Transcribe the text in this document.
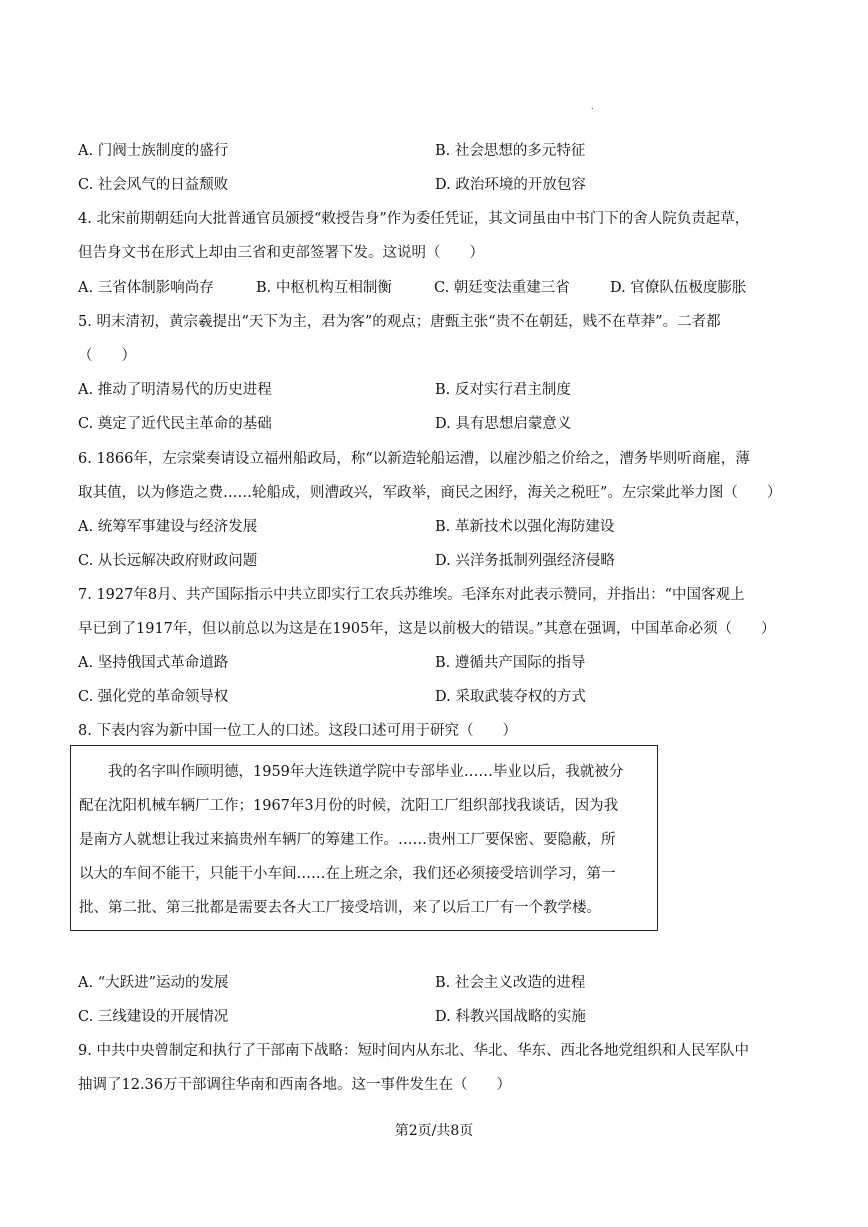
.
A. 门阀士族制度的盛行	B. 社会思想的多元特征
C. 社会风气的日益颓败	D. 政治环境的开放包容
4. 北宋前期朝廷向大批普通官员颁授“敕授告身”作为委任凭证，其文词虽由中书门下的舍人院负责起草，
但告身文书在形式上却由三省和吏部签署下发。这说明（　　）
A. 三省体制影响尚存	B. 中枢机构互相制衡	C. 朝廷变法重建三省	D. 官僚队伍极度膨胀
5. 明末清初，黄宗羲提出“天下为主，君为客”的观点；唐甄主张“贵不在朝廷，贱不在草莽”。二者都
（　　）
A. 推动了明清易代的历史进程	B. 反对实行君主制度
C. 奠定了近代民主革命的基础	D. 具有思想启蒙意义
6. 1866年，左宗棠奏请设立福州船政局，称“以新造轮船运漕，以雇沙船之价给之，漕务毕则听商雇，薄
取其值，以为修造之费……轮船成，则漕政兴，军政举，商民之困纾，海关之税旺”。左宗棠此举力图（　　）
A. 统筹军事建设与经济发展	B. 革新技术以强化海防建设
C. 从长远解决政府财政问题	D. 兴洋务抵制列强经济侵略
7. 1927年8月、共产国际指示中共立即实行工农兵苏维埃。毛泽东对此表示赞同，并指出：“中国客观上
早已到了1917年，但以前总以为这是在1905年，这是以前极大的错误。”其意在强调，中国革命必须（　　）
A. 坚持俄国式革命道路	B. 遵循共产国际的指导
C. 强化党的革命领导权	D. 采取武装夺权的方式
8. 下表内容为新中国一位工人的口述。这段口述可用于研究（　　）
　　我的名字叫作顾明德，1959年大连铁道学院中专部毕业……毕业以后，我就被分
配在沈阳机械车辆厂工作；1967年3月份的时候，沈阳工厂组织部找我谈话，因为我
是南方人就想让我过来搞贵州车辆厂的筹建工作。……贵州工厂要保密、要隐蔽，所
以大的车间不能干，只能干小车间……在上班之余，我们还必须接受培训学习，第一
批、第二批、第三批都是需要去各大工厂接受培训，来了以后工厂有一个教学楼。
A. “大跃进”运动的发展	B. 社会主义改造的进程
C. 三线建设的开展情况	D. 科教兴国战略的实施
9. 中共中央曾制定和执行了干部南下战略：短时间内从东北、华北、华东、西北各地党组织和人民军队中
抽调了12.36万干部调往华南和西南各地。这一事件发生在（　　）
第2页/共8页
